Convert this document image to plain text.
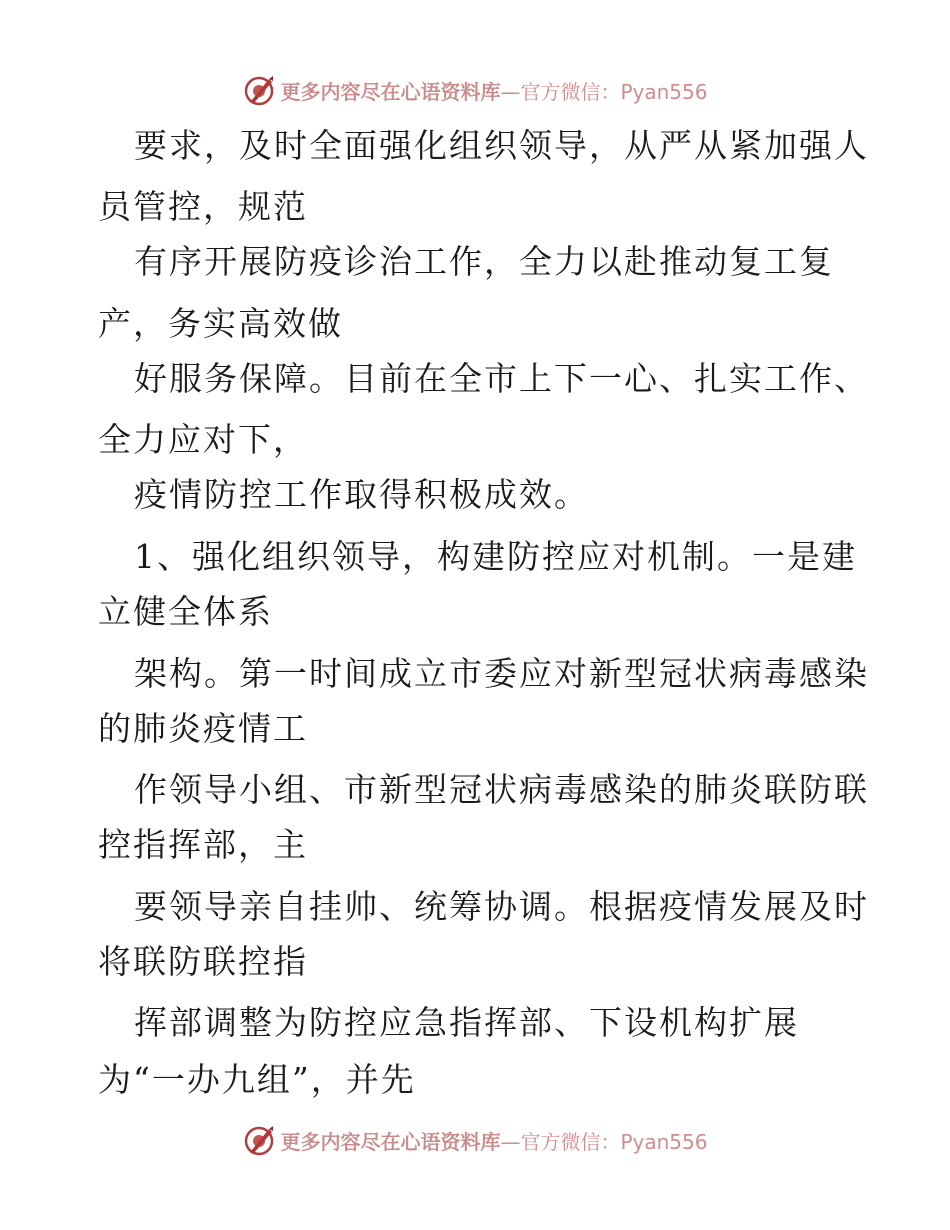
更多内容尽在心语资料库 —官方微信：Pyan556
要求，及时全面强化组织领导，从严从紧加强人
员管控，规范
有序开展防疫诊治工作，全力以赴推动复工复
产，务实高效做
好服务保障。目前在全市上下一心、扎实工作、
全力应对下，
疫情防控工作取得积极成效。
1、强化组织领导，构建防控应对机制。一是建
立健全体系
架构。第一时间成立市委应对新型冠状病毒感染
的肺炎疫情工
作领导小组、市新型冠状病毒感染的肺炎联防联
控指挥部，主
要领导亲自挂帅、统筹协调。根据疫情发展及时
将联防联控指
挥部调整为防控应急指挥部、下设机构扩展
为“一办九组”，并先
更多内容尽在心语资料库 —官方微信：Pyan556
